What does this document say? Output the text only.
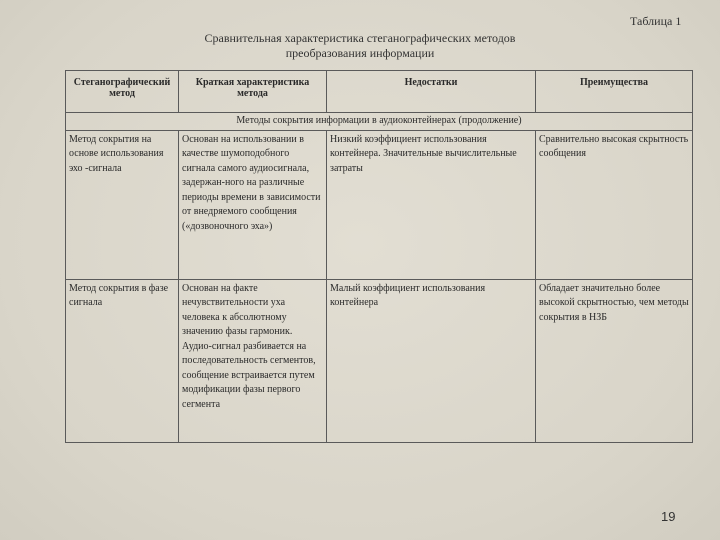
Таблица 1
Сравнительная характеристика стеганографических методов
преобразования информации
Стеганографический метод	Краткая характеристика метода	Недостатки	Преимущества
Методы сокрытия информации в аудиоконтейнерах (продолжение)			
Метод сокрытия на основе использования эхо -сигнала	Основан на использовании в качестве шумоподобного сигнала самого аудиосигнала, задержан-ного на различные периоды времени в зависимости от внедряемого сообщения («дозвоночного эха»)	Низкий коэффициент использования контейнера. Значительные вычислительные затраты	Сравнительно высокая скрытность сообщения
Метод сокрытия в фазе сигнала	Основан на факте нечувствительности уха человека к абсолютному значению фазы гармоник. Аудио-сигнал разбивается на последовательность сегментов, сообщение встраивается путем модификации фазы первого сегмента	Малый коэффициент использования контейнера	Обладает значительно более высокой скрытностью, чем методы сокрытия в НЗБ
19
